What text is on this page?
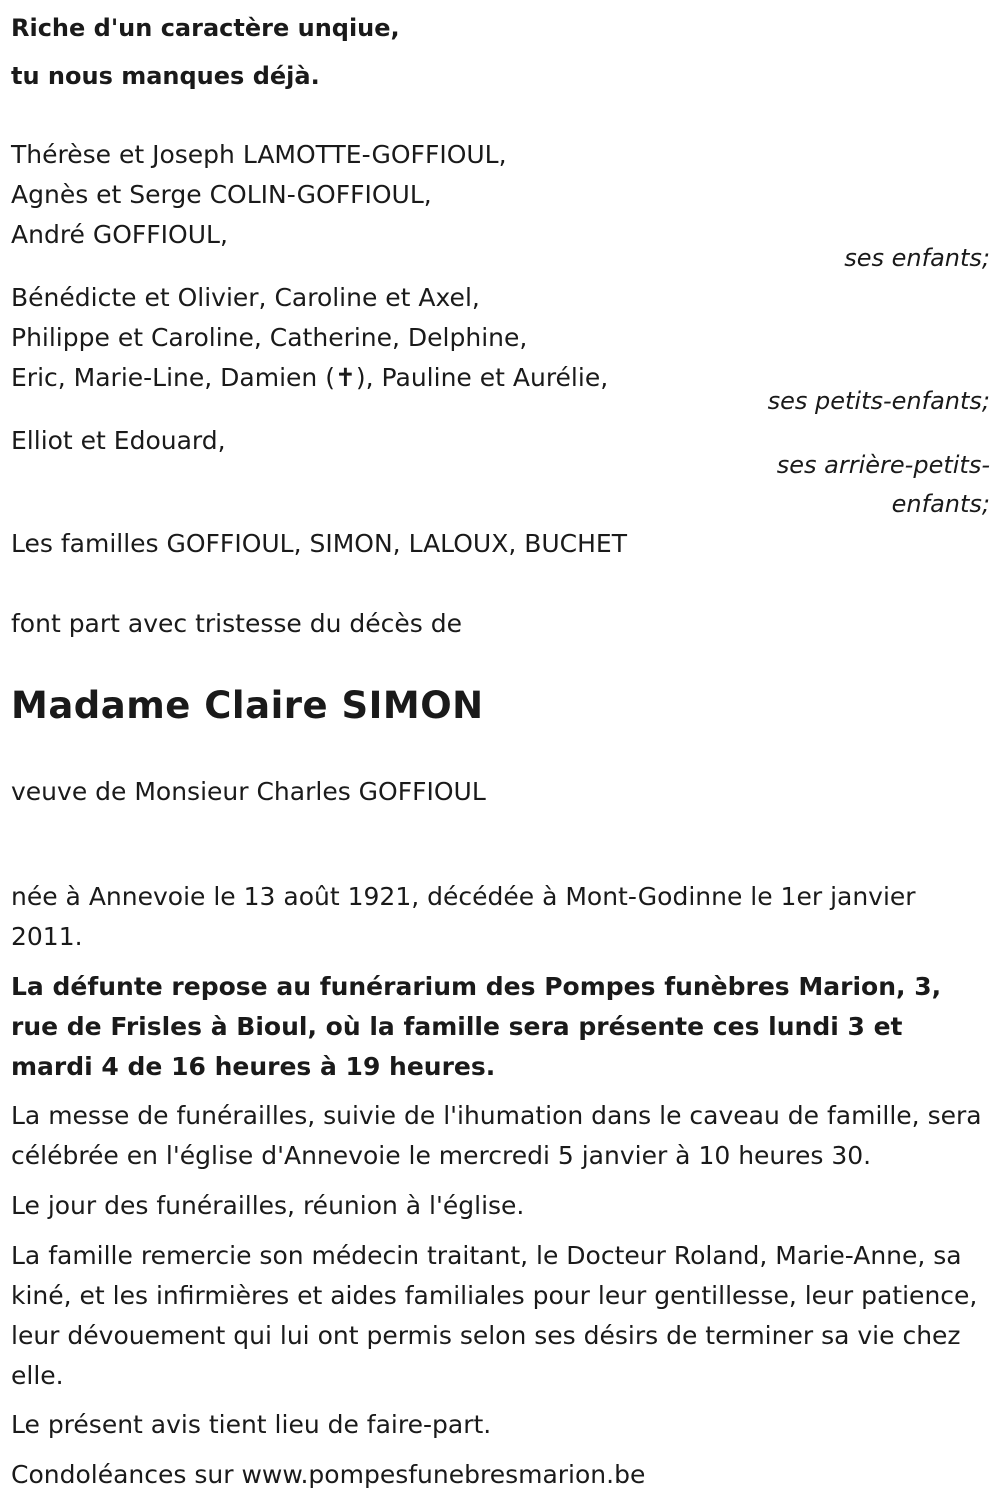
Riche d'un caractère unqiue,

tu nous manques déjà.

Thérèse et Joseph LAMOTTE-GOFFIOUL,

Agnès et Serge COLIN-GOFFIOUL,

André GOFFIOUL,

ses enfants;

Bénédicte et Olivier, Caroline et Axel,

Philippe et Caroline, Catherine, Delphine,

Eric, Marie-Line, Damien (✝), Pauline et Aurélie,

ses petits-enfants;

Elliot et Edouard,

ses arrière-petits-

enfants;

Les familles GOFFIOUL, SIMON, LALOUX, BUCHET

font part avec tristesse du décès de

Madame Claire SIMON

veuve de Monsieur Charles GOFFIOUL

née à Annevoie le 13 août 1921, décédée à Mont-Godinne le 1er janvier 2011.

La défunte repose au funérarium des Pompes funèbres Marion, 3, rue de Frisles à Bioul, où la famille sera présente ces lundi 3 et mardi 4 de 16 heures à 19 heures.

La messe de funérailles, suivie de l'ihumation dans le caveau de famille, sera célébrée en l'église d'Annevoie le mercredi 5 janvier à 10 heures 30.

Le jour des funérailles, réunion à l'église.

La famille remercie son médecin traitant, le Docteur Roland, Marie-Anne, sa kiné, et les infirmières et aides familiales pour leur gentillesse, leur patience, leur dévouement qui lui ont permis selon ses désirs de terminer sa vie chez elle.

Le présent avis tient lieu de faire-part.

Condoléances sur www.pompesfunebresmarion.be
